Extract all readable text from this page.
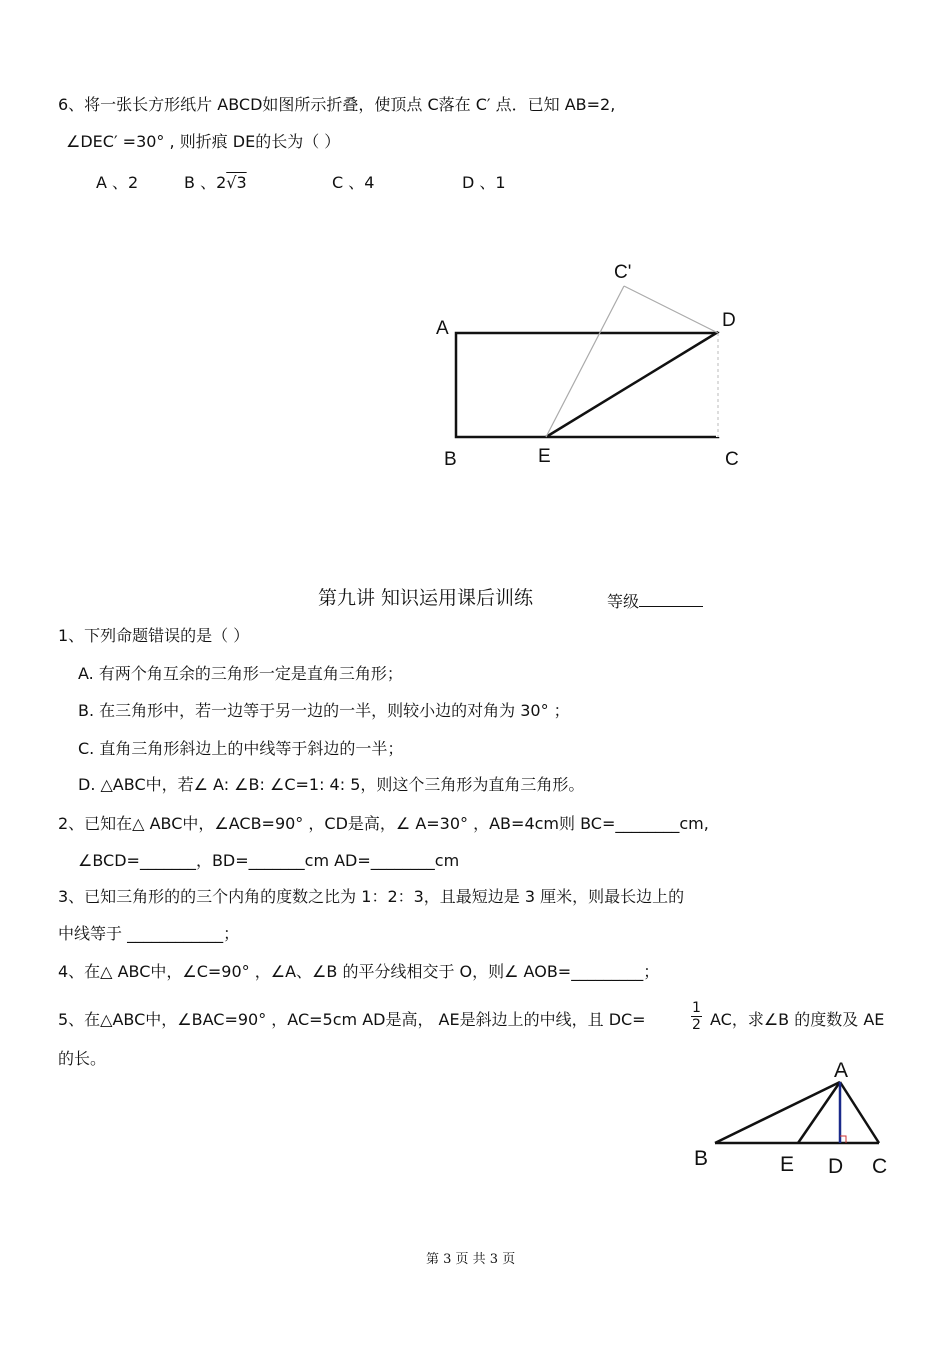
6、将一张长方形纸片 ABCD如图所示折叠，使顶点 C落在 C′ 点．已知 AB=2,
∠DEC′ =30° , 则折痕 DE的长为（ ）
A 、2	B 、2√3	C 、4	D 、1
A	D
B	E	C
C'
第九讲 知识运用课后训练	等级
1、下列命题错误的是（ ）
A. 有两个角互余的三角形一定是直角三角形；
B. 在三角形中，若一边等于另一边的一半，则较小边的对角为 30° ；
C. 直角三角形斜边上的中线等于斜边的一半；
D. △ABC中，若∠ A: ∠B: ∠C=1: 4: 5，则这个三角形为直角三角形。
2、已知在△ ABC中，∠ACB=90° ，CD是高，∠ A=30° ，AB=4cm则 BC=________cm,
∠BCD=_______，BD=_______cm AD=________cm
3、已知三角形的的三个内角的度数之比为 1：2：3，且最短边是 3 厘米，则最长边上的
中线等于 ____________；
4、在△ ABC中，∠C=90° ，∠A、∠B 的平分线相交于 O，则∠ AOB=_________；
5、在△ABC中，∠BAC=90° ，AC=5cm AD是高， AE是斜边上的中线，且 DC=	$\frac{1}{2}$ AC，求∠B 的度数及 AE
的长。
A
B	E D C
第 3 页 共 3 页
